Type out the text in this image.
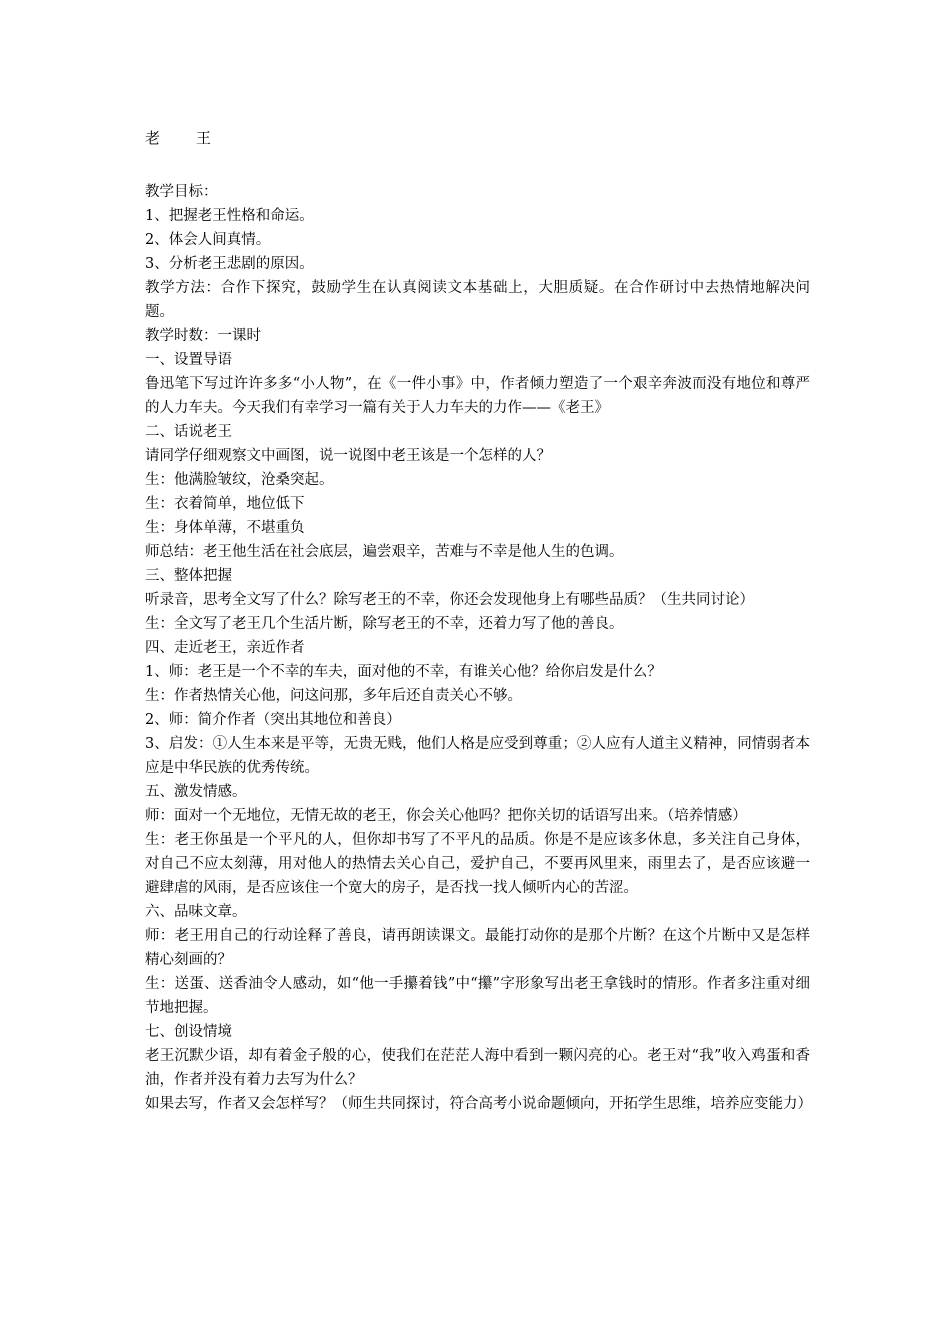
老　　王

教学目标：

1、把握老王性格和命运。

2、体会人间真情。

3、分析老王悲剧的原因。

教学方法：合作下探究，鼓励学生在认真阅读文本基础上，大胆质疑。在合作研讨中去热情地解决问题。

教学时数：一课时

一、设置导语

鲁迅笔下写过许许多多“小人物”，在《一件小事》中，作者倾力塑造了一个艰辛奔波而没有地位和尊严的人力车夫。今天我们有幸学习一篇有关于人力车夫的力作——《老王》

二、话说老王

请同学仔细观察文中画图，说一说图中老王该是一个怎样的人？

生：他满脸皱纹，沧桑突起。

生：衣着简单，地位低下

生：身体单薄，不堪重负

师总结：老王他生活在社会底层，遍尝艰辛，苦难与不幸是他人生的色调。

三、整体把握

听录音，思考全文写了什么？除写老王的不幸，你还会发现他身上有哪些品质？（生共同讨论）

生：全文写了老王几个生活片断，除写老王的不幸，还着力写了他的善良。

四、走近老王，亲近作者

1、师：老王是一个不幸的车夫，面对他的不幸，有谁关心他？给你启发是什么？

生：作者热情关心他，问这问那，多年后还自责关心不够。

2、师：简介作者（突出其地位和善良）

3、启发：①人生本来是平等，无贵无贱，他们人格是应受到尊重；②人应有人道主义精神，同情弱者本应是中华民族的优秀传统。

五、激发情感。

师：面对一个无地位，无情无故的老王，你会关心他吗？把你关切的话语写出来。（培养情感）

生：老王你虽是一个平凡的人，但你却书写了不平凡的品质。你是不是应该多休息，多关注自己身体，对自己不应太刻薄，用对他人的热情去关心自己，爱护自己，不要再风里来，雨里去了，是否应该避一避肆虐的风雨，是否应该住一个宽大的房子，是否找一找人倾听内心的苦涩。

六、品味文章。

师：老王用自己的行动诠释了善良，请再朗读课文。最能打动你的是那个片断？在这个片断中又是怎样精心刻画的？

生：送蛋、送香油令人感动，如“他一手攥着钱”中“攥”字形象写出老王拿钱时的情形。作者多注重对细节地把握。

七、创设情境

老王沉默少语，却有着金子般的心，使我们在茫茫人海中看到一颗闪亮的心。老王对“我”收入鸡蛋和香油，作者并没有着力去写为什么？

如果去写，作者又会怎样写？（师生共同探讨，符合高考小说命题倾向，开拓学生思维，培养应变能力）
